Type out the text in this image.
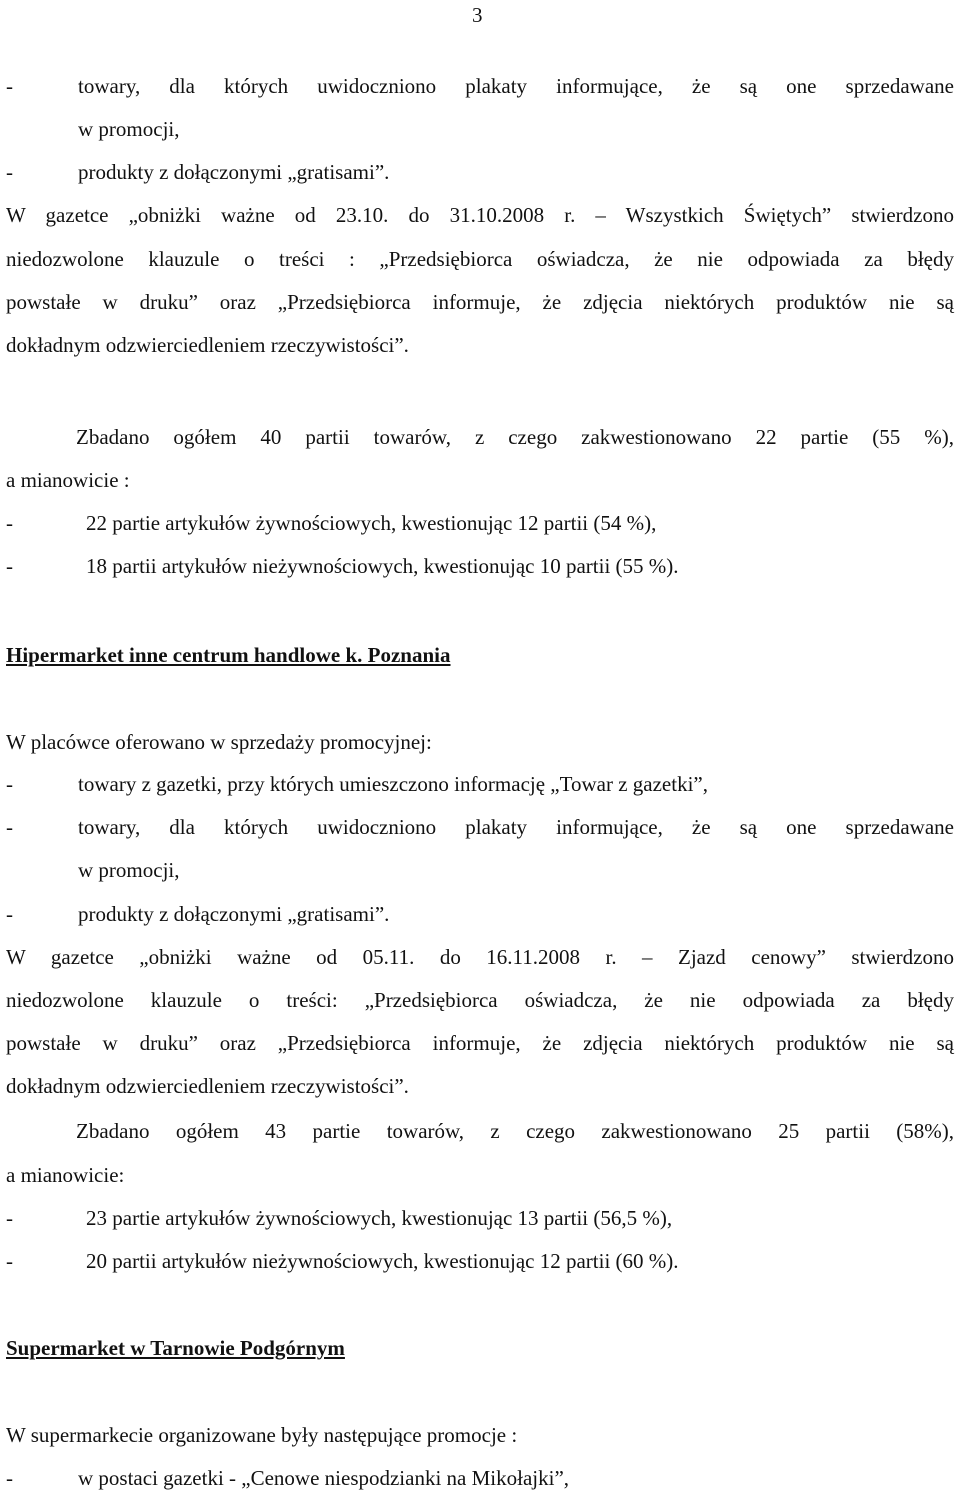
3
-	towary, dla których uwidoczniono plakaty informujące, że są one sprzedawane
w promocji,
-	produkty z dołączonymi „gratisami”.
W gazetce „obniżki ważne od 23.10. do 31.10.2008 r. – Wszystkich Świętych” stwierdzono
niedozwolone klauzule o treści : „Przedsiębiorca oświadcza, że nie odpowiada za błędy
powstałe w druku” oraz „Przedsiębiorca informuje, że zdjęcia niektórych produktów nie są
dokładnym odzwierciedleniem rzeczywistości”.
Zbadano ogółem 40 partii towarów, z czego zakwestionowano 22 partie (55 %),
a mianowicie :
-	22 partie artykułów żywnościowych, kwestionując 12 partii (54 %),
-	18 partii artykułów nieżywnościowych, kwestionując 10 partii (55 %).
Hipermarket inne centrum handlowe k. Poznania
W placówce oferowano w sprzedaży promocyjnej:
-	towary z gazetki, przy których umieszczono informację „Towar z gazetki”,
-	towary, dla których uwidoczniono plakaty informujące, że są one sprzedawane
w promocji,
-	produkty z dołączonymi „gratisami”.
W gazetce „obniżki ważne od 05.11. do 16.11.2008 r. – Zjazd cenowy” stwierdzono
niedozwolone klauzule o treści: „Przedsiębiorca oświadcza, że nie odpowiada za błędy
powstałe w druku” oraz „Przedsiębiorca informuje, że zdjęcia niektórych produktów nie są
dokładnym odzwierciedleniem rzeczywistości”.
Zbadano ogółem 43 partie towarów, z czego zakwestionowano 25 partii (58%),
a mianowicie:
-	23 partie artykułów żywnościowych, kwestionując 13 partii (56,5 %),
-	20 partii artykułów nieżywnościowych, kwestionując 12 partii (60 %).
Supermarket w Tarnowie Podgórnym
W supermarkecie organizowane były następujące promocje :
-	w postaci gazetki - „Cenowe niespodzianki na Mikołajki”,
